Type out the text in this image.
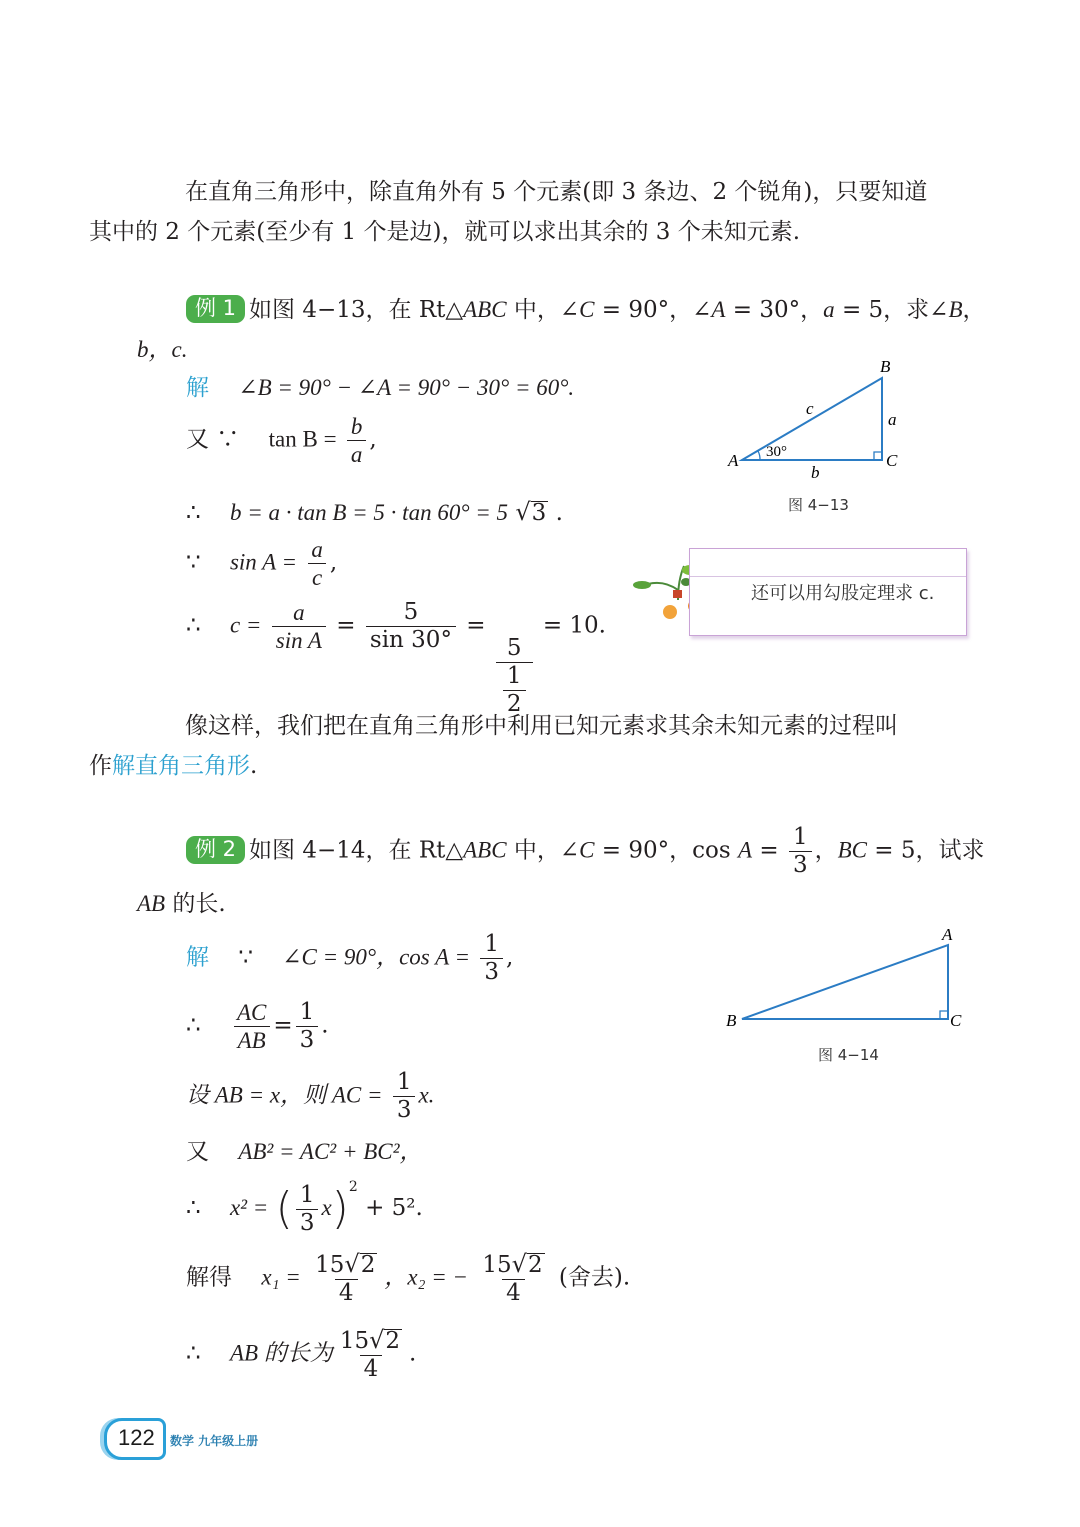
在直角三角形中，除直角外有 5 个元素(即 3 条边、2 个锐角)，只要知道
其中的 2 个元素(至少有 1 个是边)，就可以求出其余的 3 个未知元素.
例 1 如图 4−13，在 Rt△ABC 中，∠C = 90°，∠A = 30°，a = 5，求∠B，
b，c.
解 ∠B = 90° − ∠A = 90° − 30° = 60°.
又 ∵ $\tan B = \frac{b}{a}$ ,
∴ b = a · tan B = 5 · tan 60° = 5 √3 .
∵ $\sin A = \frac{a}{c}$ ,
∴ $c = \frac{a}{\text{sin A}} = \frac{5}{\sin 30^\circ}$ =
$\frac{5}{\frac{1}{2}}$
= 10.
A
B
C
a
b
c
30°
图 4−13
还可以用勾股定理求 c.
像这样，我们把在直角三角形中利用已知元素求其余未知元素的过程叫
作解直角三角形.
例 2 如图 4−14，在 Rt△ABC 中，∠C = 90°，$\cos A = \frac{1}{3}$ ，BC = 5，试求
AB 的长.
解 ∵ ∠C = 90°，$\cos A = \frac{1}{3}$ ,
∴ $\frac{AC}{AB} = \frac{1}{3}$ .
设 AB = x，则 AC = $\frac{1}{3} x$.
又 AB² = AC² + BC²，
∴ x² = ( $\frac{1}{3} x)^2 + 5^2$.
解得 $x_1 = \frac{15√2}{4}$ ，x₂ = − $\frac{15√2}{4}$ (舍去).
∴ AB 的长为 $\frac{15√2}{4}$ .
B
A
C
图 4−14
122 数学 九年级上册
